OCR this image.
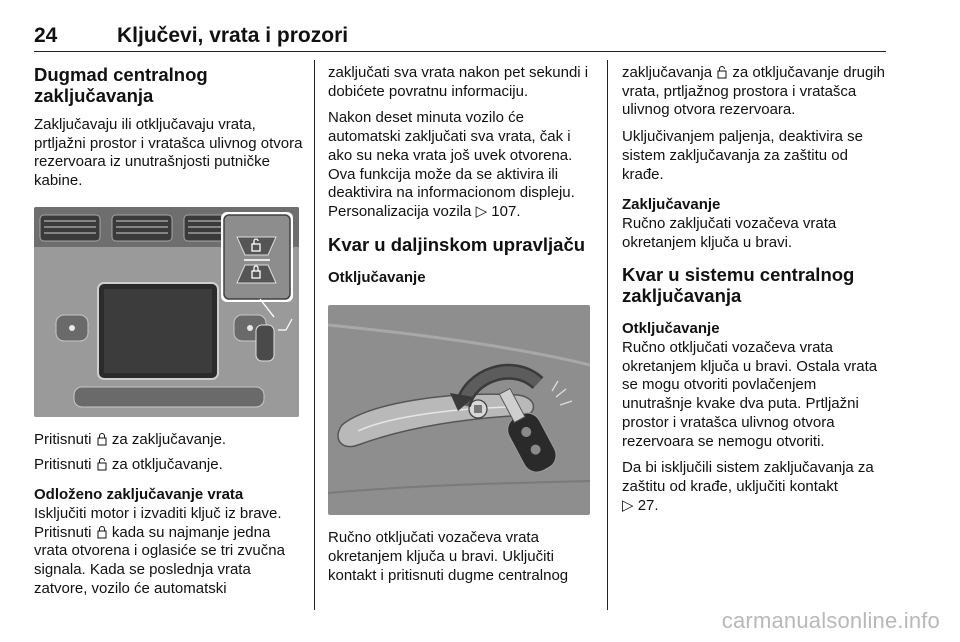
24	Ključevi, vrata i prozori
Dugmad centralnog zaključavanja

Zaključavaju ili otključavaju vrata, prtljažni prostor i vratašca ulivnog otvora rezervoara iz unutrašnjosti putničke kabine.

Pritisnuti za zaključavanje.

Pritisnuti za otključavanje.

Odloženo zaključavanje vrata

Isključiti motor i izvaditi ključ iz brave.

Pritisnuti kada su najmanje jedna vrata otvorena i oglasiće se tri zvučna signala. Kada se poslednja vrata zatvore, vozilo će automatski

zaključati sva vrata nakon pet sekundi i dobićete povratnu informaciju.

Nakon deset minuta vozilo će automatski zaključati sva vrata, čak i ako su neka vrata još uvek otvorena. Ova funkcija može da se aktivira ili deaktivira na informacionom displeju. Personalizacija vozila ▷ 107.

Kvar u daljinskom upravljaču
Otključavanje

Ručno otključati vozačeva vrata okretanjem ključa u bravi. Uključiti kontakt i pritisnuti dugme centralnog

zaključavanja za otključavanje drugih vrata, prtljažnog prostora i vratašca ulivnog otvora rezervoara.

Uključivanjem paljenja, deaktivira se sistem zaključavanja za zaštitu od krađe.

Zaključavanje

Ručno zaključati vozačeva vrata okretanjem ključa u bravi.

Kvar u sistemu centralnog zaključavanja
Otključavanje

Ručno otključati vozačeva vrata okretanjem ključa u bravi. Ostala vrata se mogu otvoriti povlačenjem unutrašnje kvake dva puta. Prtljažni prostor i vratašca ulivnog otvora rezervoara se nemogu otvoriti.

Da bi isključili sistem zaključavanja za zaštitu od krađe, uključiti kontakt
▷ 27.

carmanualsonline.info
